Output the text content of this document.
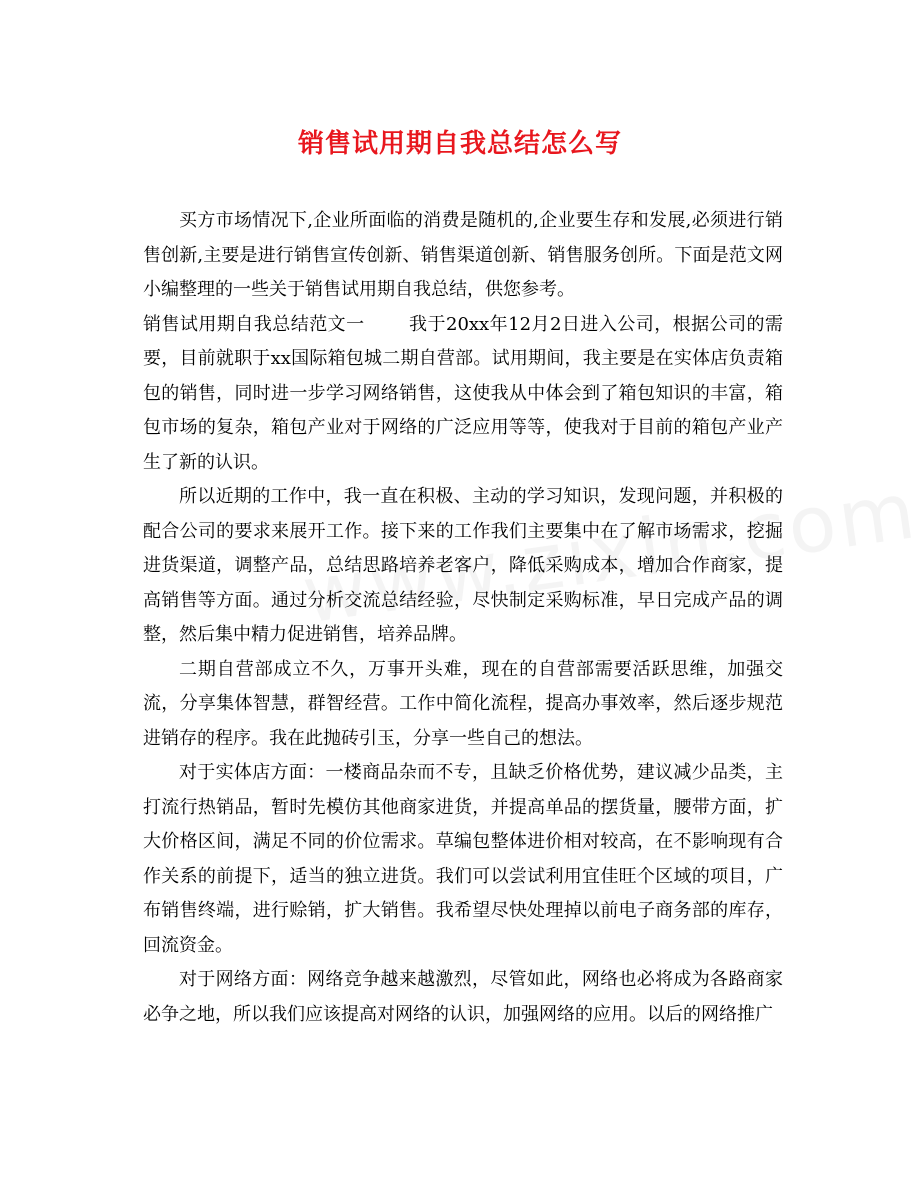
销售试用期自我总结怎么写

买方市场情况下,企业所面临的消费是随机的,企业要生存和发展,必须进行销售创新,主要是进行销售宣传创新、销售渠道创新、销售服务创所。下面是范文网小编整理的一些关于销售试用期自我总结，供您参考。

销售试用期自我总结范文一 我于20xx年12月2日进入公司，根据公司的需要，目前就职于xx国际箱包城二期自营部。试用期间，我主要是在实体店负责箱包的销售，同时进一步学习网络销售，这使我从中体会到了箱包知识的丰富，箱包市场的复杂，箱包产业对于网络的广泛应用等等，使我对于目前的箱包产业产生了新的认识。

所以近期的工作中，我一直在积极、主动的学习知识，发现问题，并积极的配合公司的要求来展开工作。接下来的工作我们主要集中在了解市场需求，挖掘进货渠道，调整产品，总结思路培养老客户，降低采购成本，增加合作商家，提高销售等方面。通过分析交流总结经验，尽快制定采购标准，早日完成产品的调整，然后集中精力促进销售，培养品牌。

二期自营部成立不久，万事开头难，现在的自营部需要活跃思维，加强交流，分享集体智慧，群智经营。工作中简化流程，提高办事效率，然后逐步规范进销存的程序。我在此抛砖引玉，分享一些自己的想法。

对于实体店方面：一楼商品杂而不专，且缺乏价格优势，建议减少品类，主打流行热销品，暂时先模仿其他商家进货，并提高单品的摆货量，腰带方面，扩大价格区间，满足不同的价位需求。草编包整体进价相对较高，在不影响现有合作关系的前提下，适当的独立进货。我们可以尝试利用宜佳旺个区域的项目，广布销售终端，进行赊销，扩大销售。我希望尽快处理掉以前电子商务部的库存，回流资金。

对于网络方面：网络竞争越来越激烈，尽管如此，网络也必将成为各路商家必争之地，所以我们应该提高对网络的认识，加强网络的应用。以后的网络推广
